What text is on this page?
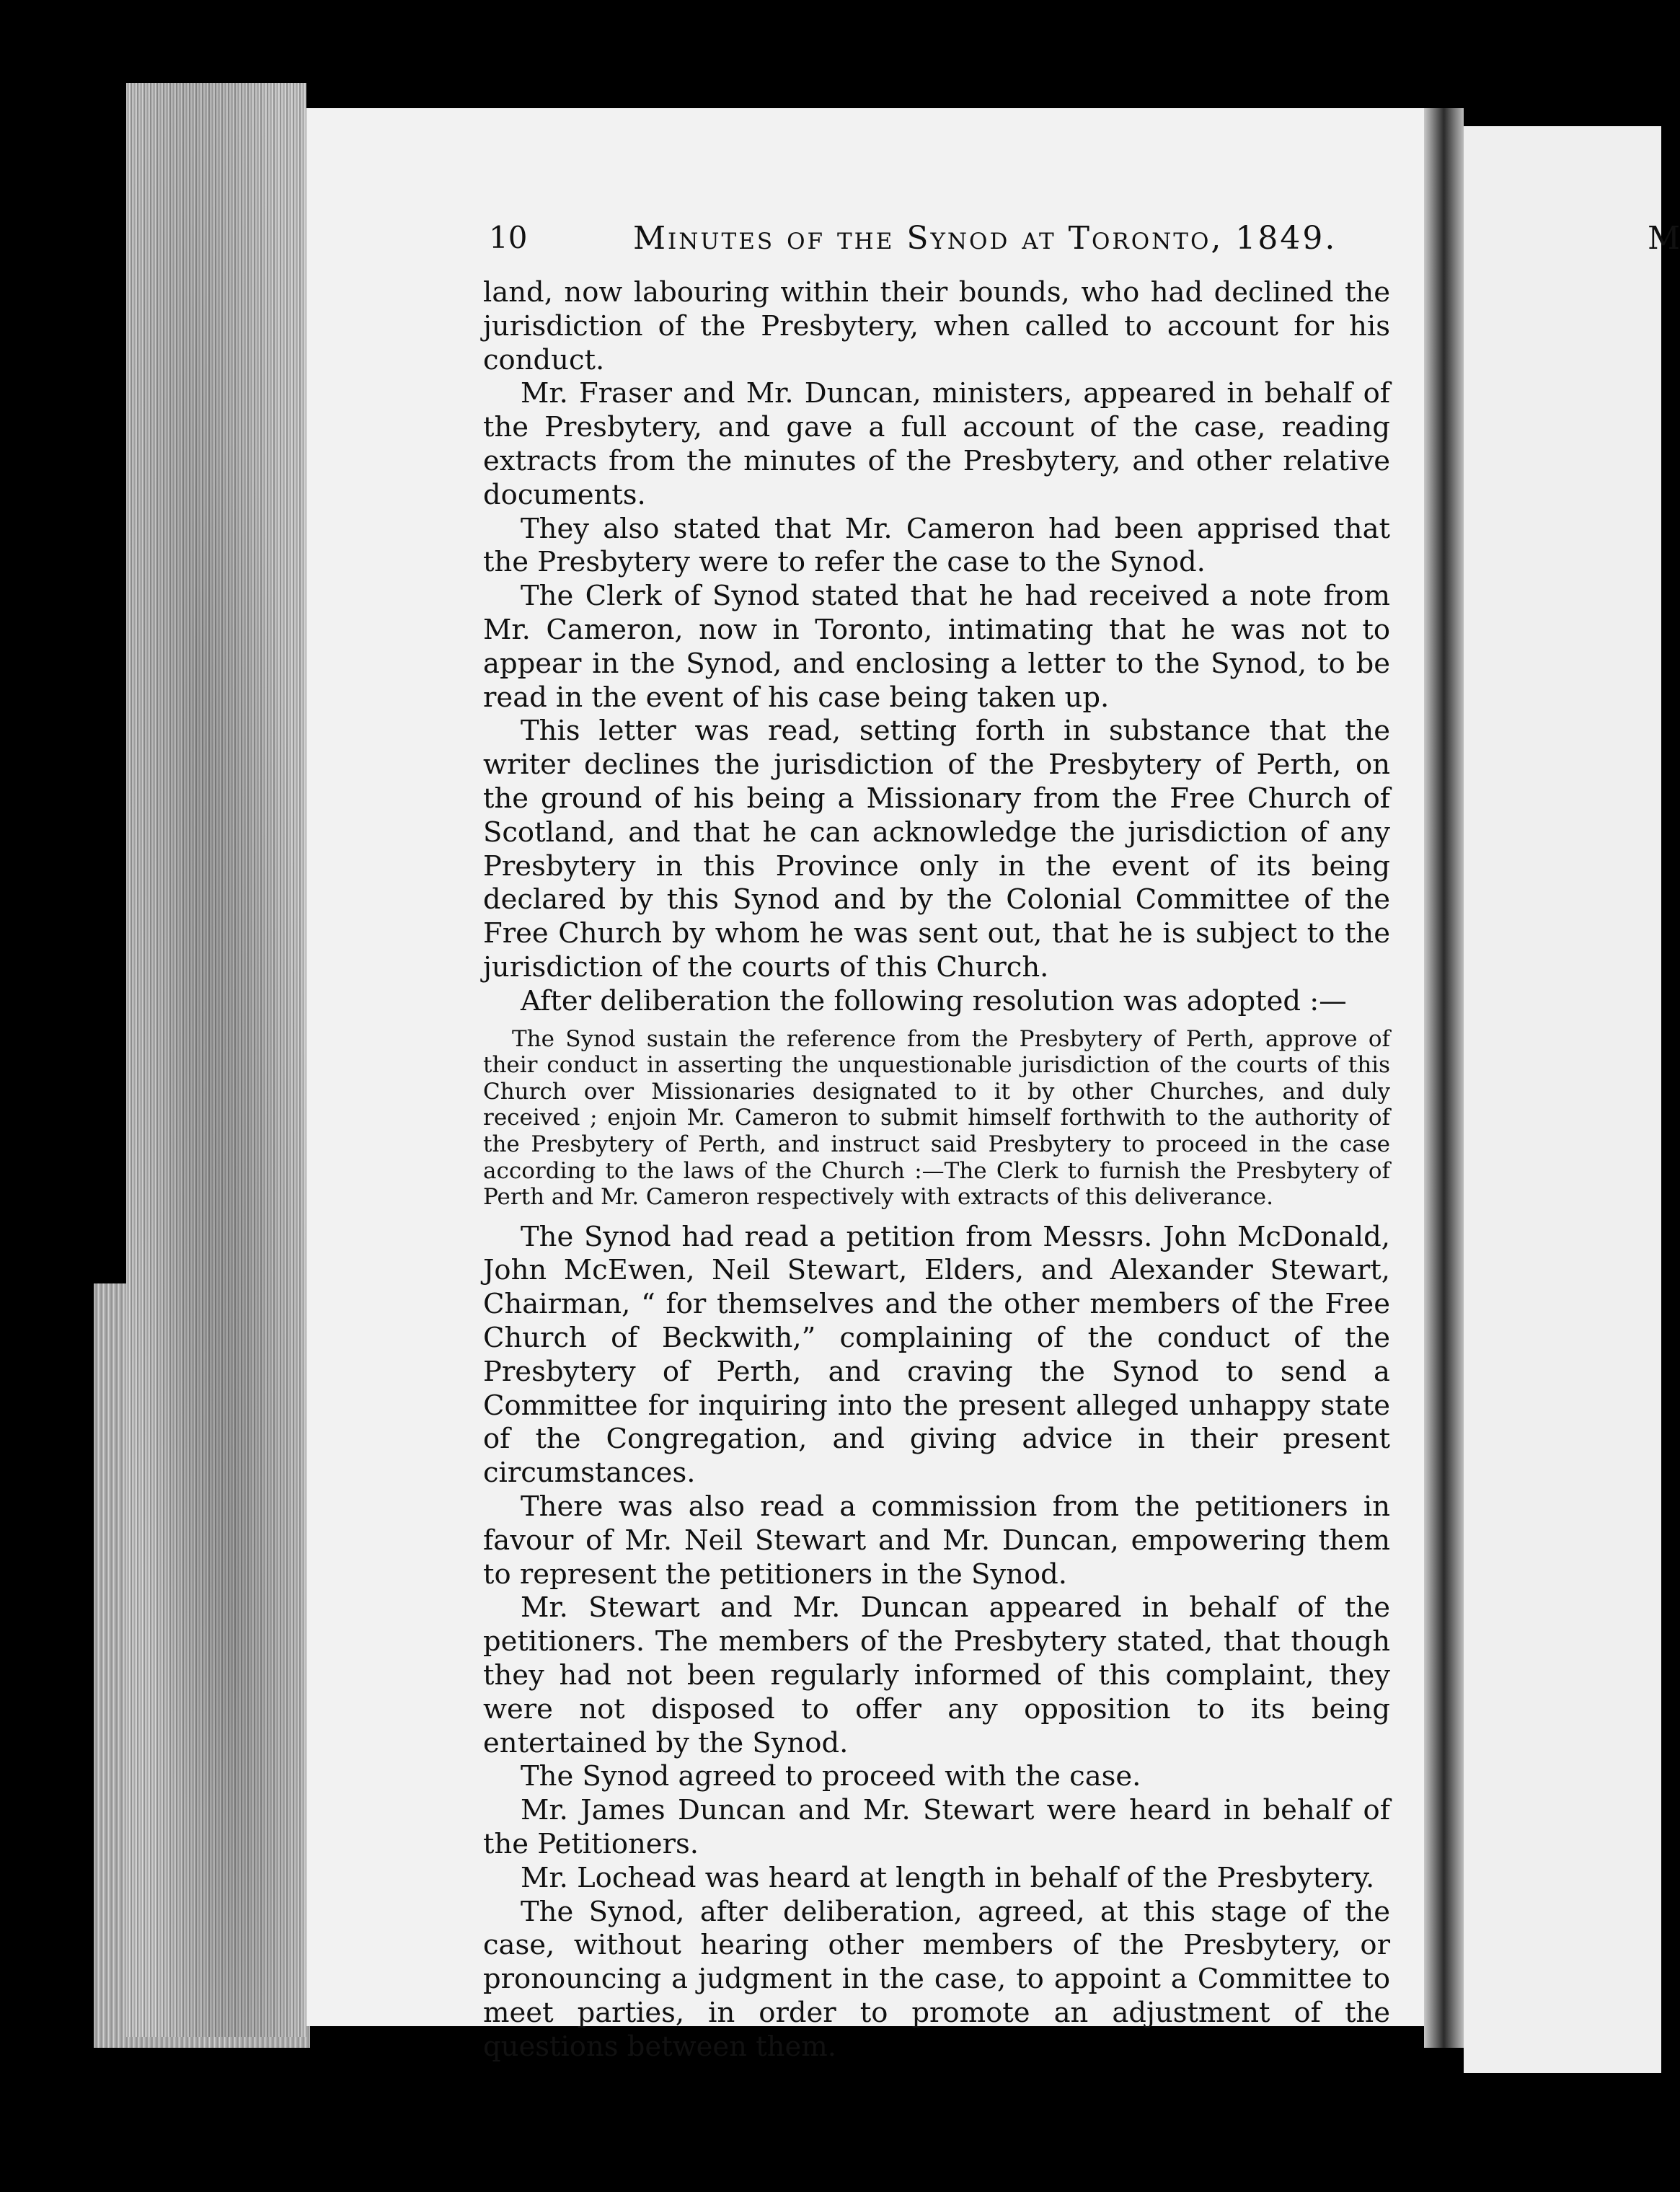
10	Minutes of the Synod at Toronto, 1849.

land, now labouring within their bounds, who had declined the jurisdiction of the Presbytery, when called to account for his conduct.

Mr. Fraser and Mr. Duncan, ministers, appeared in behalf of the Presbytery, and gave a full account of the case, reading extracts from the minutes of the Presbytery, and other relative documents.

They also stated that Mr. Cameron had been apprised that the Presbytery were to refer the case to the Synod.

The Clerk of Synod stated that he had received a note from Mr. Cameron, now in Toronto, intimating that he was not to appear in the Synod, and enclosing a letter to the Synod, to be read in the event of his case being taken up.

This letter was read, setting forth in substance that the writer declines the jurisdiction of the Presbytery of Perth, on the ground of his being a Missionary from the Free Church of Scotland, and that he can acknowledge the jurisdiction of any Presbytery in this Province only in the event of its being declared by this Synod and by the Colonial Committee of the Free Church by whom he was sent out, that he is subject to the jurisdiction of the courts of this Church.

After deliberation the following resolution was adopted :—

The Synod sustain the reference from the Presbytery of Perth, approve of their conduct in asserting the unquestionable jurisdiction of the courts of this Church over Missionaries designated to it by other Churches, and duly received ; enjoin Mr. Cameron to submit himself forthwith to the authority of the Presbytery of Perth, and instruct said Presbytery to proceed in the case according to the laws of the Church :—The Clerk to furnish the Presbytery of Perth and Mr. Cameron respectively with extracts of this deliverance.

The Synod had read a petition from Messrs. John McDonald, John McEwen, Neil Stewart, Elders, and Alexander Stewart, Chairman, “ for themselves and the other members of the Free Church of Beckwith,” complaining of the conduct of the Presbytery of Perth, and craving the Synod to send a Committee for inquiring into the present alleged unhappy state of the Congregation, and giving advice in their present circumstances.

There was also read a commission from the petitioners in favour of Mr. Neil Stewart and Mr. Duncan, empowering them to represent the petitioners in the Synod.

Mr. Stewart and Mr. Duncan appeared in behalf of the petitioners. The members of the Presbytery stated, that though they had not been regularly informed of this complaint, they were not disposed to offer any opposition to its being entertained by the Synod.

The Synod agreed to proceed with the case.

Mr. James Duncan and Mr. Stewart were heard in behalf of the Petitioners.

Mr. Lochead was heard at length in behalf of the Presbytery.

The Synod, after deliberation, agreed, at this stage of the case, without hearing other members of the Presbytery, or pronouncing a judgment in the case, to appoint a Committee to meet parties, in order to promote an adjustment of the questions between them.

M
